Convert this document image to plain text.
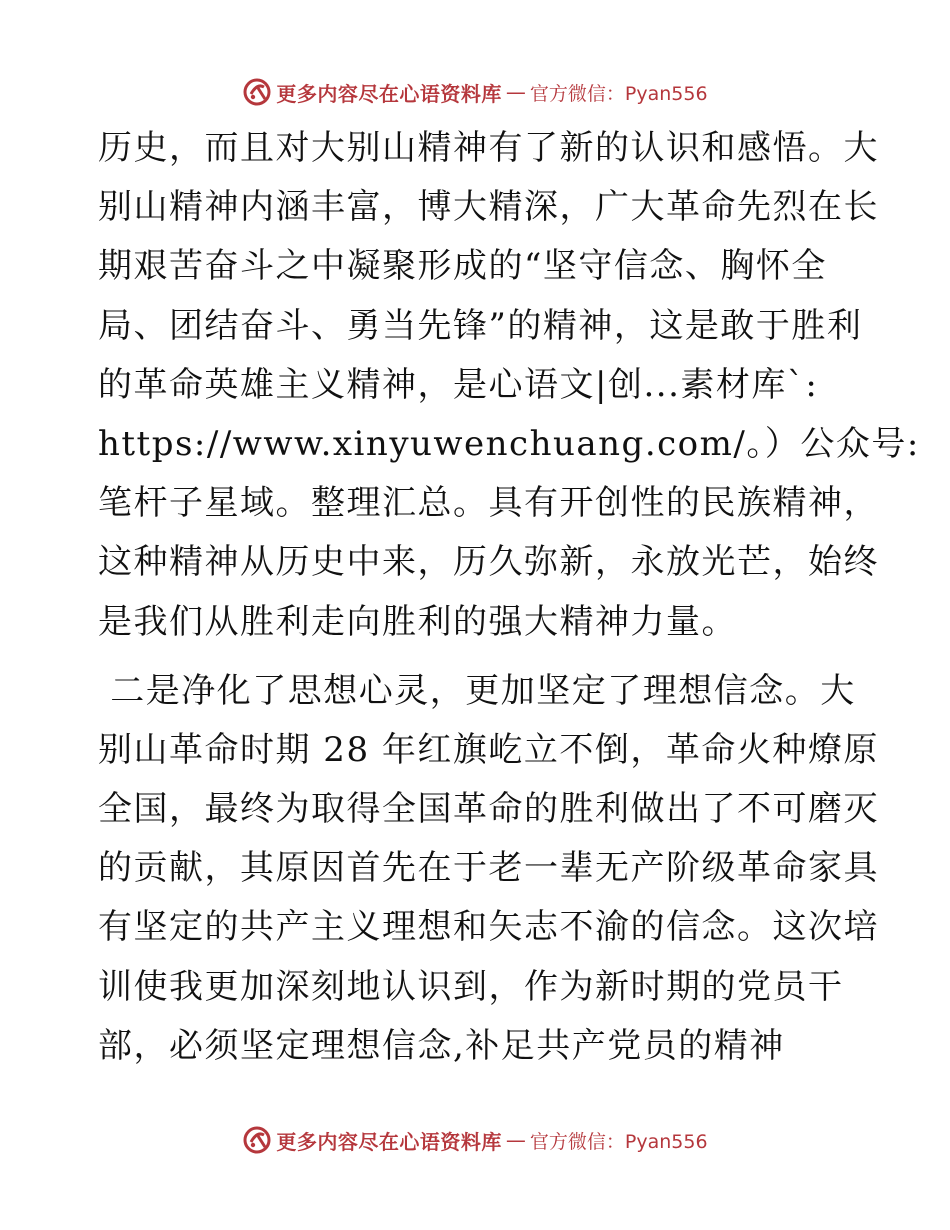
更多内容尽在心语资料库 — 官方微信：Pyan556
历史，而且对大别山精神有了新的认识和感悟。大
别山精神内涵丰富，博大精深，广大革命先烈在长
期艰苦奋斗之中凝聚形成的“坚守信念、胸怀全
局、团结奋斗、勇当先锋”的精神，这是敢于胜利
的革命英雄主义精神，是心语文|创...素材库`:
https://www.xinyuwenchuang.com/。）公众号:
笔杆子星域。整理汇总。具有开创性的民族精神，
这种精神从历史中来，历久弥新，永放光芒，始终
是我们从胜利走向胜利的强大精神力量。
二是净化了思想心灵，更加坚定了理想信念。大
别山革命时期 28 年红旗屹立不倒，革命火种燎原
全国，最终为取得全国革命的胜利做出了不可磨灭
的贡献，其原因首先在于老一辈无产阶级革命家具
有坚定的共产主义理想和矢志不渝的信念。这次培
训使我更加深刻地认识到，作为新时期的党员干
部，必须坚定理想信念,补足共产党员的精神
更多内容尽在心语资料库 — 官方微信：Pyan556
